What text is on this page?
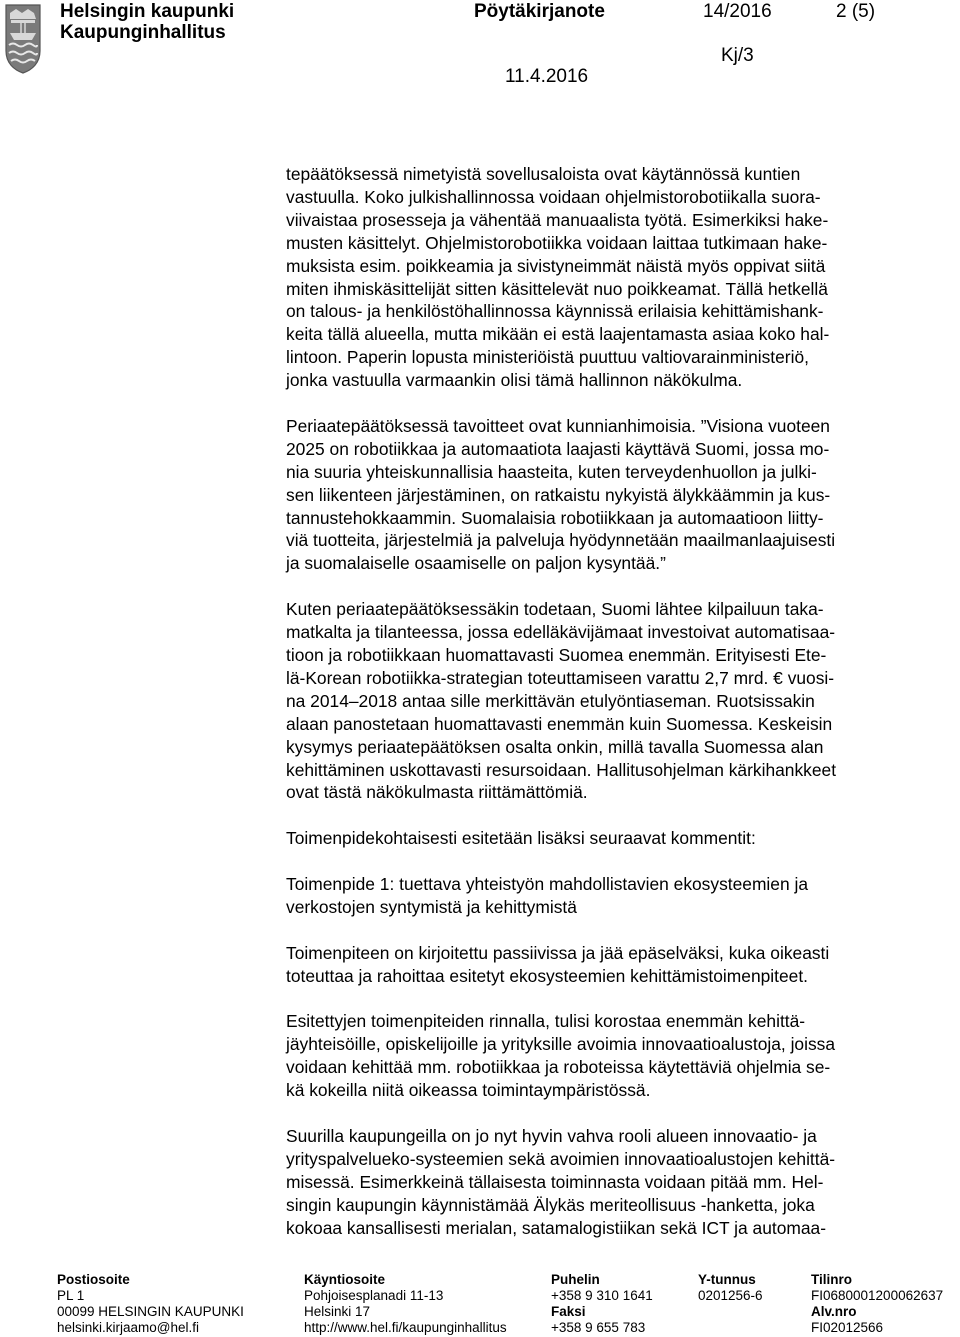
Helsingin kaupunki
Kaupunginhallitus
Pöytäkirjanote	14/2016	2 (5)
Kj/3
11.4.2016

tepäätöksessä nimetyistä sovellusaloista ovat käytännössä kuntien
vastuulla. Koko julkishallinnossa voidaan ohjelmistorobotiikalla suora-
viivaistaa prosesseja ja vähentää manuaalista työtä. Esimerkiksi hake-
musten käsittelyt. Ohjelmistorobotiikka voidaan laittaa tutkimaan hake-
muksista esim. poikkeamia ja sivistyneimmät näistä myös oppivat siitä
miten ihmiskäsittelijät sitten käsittelevät nuo poikkeamat. Tällä hetkellä
on talous- ja henkilöstöhallinnossa käynnissä erilaisia kehittämishank-
keita tällä alueella, mutta mikään ei estä laajentamasta asiaa koko hal-
lintoon. Paperin lopusta ministeriöistä puuttuu valtiovarainministeriö,
jonka vastuulla varmaankin olisi tämä hallinnon näkökulma.

Periaatepäätöksessä tavoitteet ovat kunnianhimoisia. ”Visiona vuoteen
2025 on robotiikkaa ja automaatiota laajasti käyttävä Suomi, jossa mo-
nia suuria yhteiskunnallisia haasteita, kuten terveydenhuollon ja julki-
sen liikenteen järjestäminen, on ratkaistu nykyistä älykkäämmin ja kus-
tannustehokkaammin. Suomalaisia robotiikkaan ja automaatioon liitty-
viä tuotteita, järjestelmiä ja palveluja hyödynnetään maailmanlaajuisesti
ja suomalaiselle osaamiselle on paljon kysyntää.”

Kuten periaatepäätöksessäkin todetaan, Suomi lähtee kilpailuun taka-
matkalta ja tilanteessa, jossa edelläkävijämaat investoivat automatisaa-
tioon ja robotiikkaan huomattavasti Suomea enemmän. Erityisesti Ete-
lä-Korean robotiikka-strategian toteuttamiseen varattu 2,7 mrd. € vuosi-
na 2014–2018 antaa sille merkittävän etulyöntiaseman. Ruotsissakin
alaan panostetaan huomattavasti enemmän kuin Suomessa. Keskeisin
kysymys periaatepäätöksen osalta onkin, millä tavalla Suomessa alan
kehittäminen uskottavasti resursoidaan. Hallitusohjelman kärkihankkeet
ovat tästä näkökulmasta riittämättömiä.

Toimenpidekohtaisesti esitetään lisäksi seuraavat kommentit:

Toimenpide 1: tuettava yhteistyön mahdollistavien ekosysteemien ja
verkostojen syntymistä ja kehittymistä

Toimenpiteen on kirjoitettu passiivissa ja jää epäselväksi, kuka oikeasti
toteuttaa ja rahoittaa esitetyt ekosysteemien kehittämistoimenpiteet.

Esitettyjen toimenpiteiden rinnalla, tulisi korostaa enemmän kehittä-
jäyhteisöille, opiskelijoille ja yrityksille avoimia innovaatioalustoja, joissa
voidaan kehittää mm. robotiikkaa ja roboteissa käytettäviä ohjelmia se-
kä kokeilla niitä oikeassa toimintaympäristössä.

Suurilla kaupungeilla on jo nyt hyvin vahva rooli alueen innovaatio- ja
yrityspalvelueko-systeemien sekä avoimien innovaatioalustojen kehittä-
misessä. Esimerkkeinä tällaisesta toiminnasta voidaan pitää mm. Hel-
singin kaupungin käynnistämää Älykäs meriteollisuus -hanketta, joka
kokoaa kansallisesti merialan, satamalogistiikan sekä ICT ja automaa-

Postiosoite
PL 1
00099 HELSINGIN KAUPUNKI
helsinki.kirjaamo@hel.fi
Käyntiosoite
Pohjoisesplanadi 11-13
Helsinki 17
http://www.hel.fi/kaupunginhallitus
Puhelin
+358 9 310 1641
Faksi
+358 9 655 783
Y-tunnus
0201256-6
Tilinro
FI0680001200062637
Alv.nro
FI02012566
